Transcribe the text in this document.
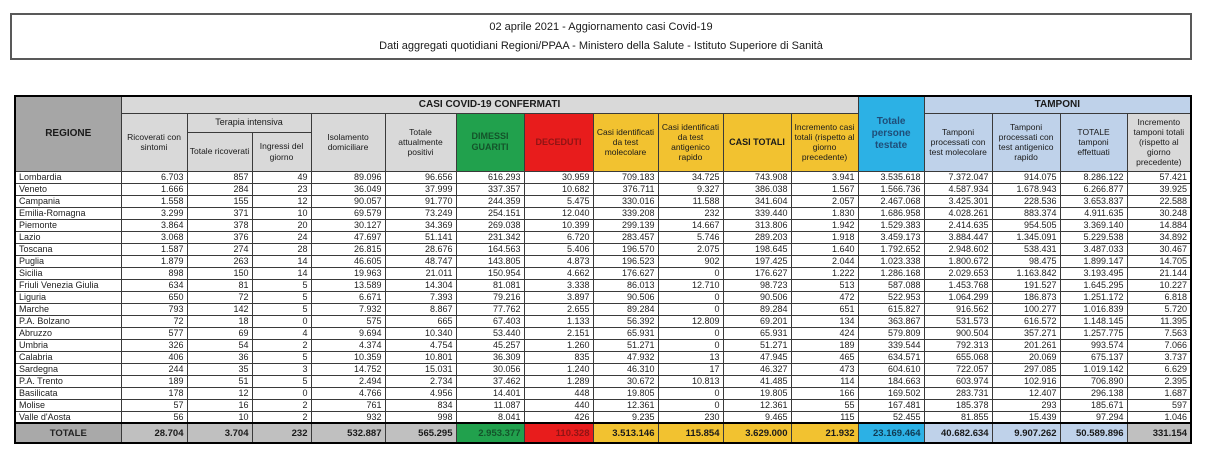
02 aprile 2021 - Aggiornamento casi Covid-19
Dati aggregati quotidiani Regioni/PPAA - Ministero della Salute - Istituto Superiore di Sanità
REGIONE	CASI COVID-19 CONFERMATI											Totale persone testate	TAMPONI			
	Ricoverati con sintomi	Terapia intensiva		Isolamento domiciliare	Totale attualmente positivi	DIMESSI GUARITI	DECEDUTI	Casi identificati da test molecolare	Casi identificati da test antigenico rapido	CASI TOTALI	Incremento casi totali (rispetto al giorno precedente)		Tamponi processati con test molecolare	Tamponi processati con test antigenico rapido	TOTALE tamponi effettuati	Incremento tamponi totali (rispetto al giorno precedente)
		Totale ricoverati	Ingressi del giorno													
Lombardia	6.703	857	49	89.096	96.656	616.293	30.959	709.183	34.725	743.908	3.941	3.535.618	7.372.047	914.075	8.286.122	57.421
Veneto	1.666	284	23	36.049	37.999	337.357	10.682	376.711	9.327	386.038	1.567	1.566.736	4.587.934	1.678.943	6.266.877	39.925
Campania	1.558	155	12	90.057	91.770	244.359	5.475	330.016	11.588	341.604	2.057	2.467.068	3.425.301	228.536	3.653.837	22.588
Emilia-Romagna	3.299	371	10	69.579	73.249	254.151	12.040	339.208	232	339.440	1.830	1.686.958	4.028.261	883.374	4.911.635	30.248
Piemonte	3.864	378	20	30.127	34.369	269.038	10.399	299.139	14.667	313.806	1.942	1.529.383	2.414.635	954.505	3.369.140	14.884
Lazio	3.068	376	24	47.697	51.141	231.342	6.720	283.457	5.746	289.203	1.918	3.459.173	3.884.447	1.345.091	5.229.538	34.892
Toscana	1.587	274	28	26.815	28.676	164.563	5.406	196.570	2.075	198.645	1.640	1.792.652	2.948.602	538.431	3.487.033	30.467
Puglia	1.879	263	14	46.605	48.747	143.805	4.873	196.523	902	197.425	2.044	1.023.338	1.800.672	98.475	1.899.147	14.705
Sicilia	898	150	14	19.963	21.011	150.954	4.662	176.627	0	176.627	1.222	1.286.168	2.029.653	1.163.842	3.193.495	21.144
Friuli Venezia Giulia	634	81	5	13.589	14.304	81.081	3.338	86.013	12.710	98.723	513	587.088	1.453.768	191.527	1.645.295	10.227
Liguria	650	72	5	6.671	7.393	79.216	3.897	90.506	0	90.506	472	522.953	1.064.299	186.873	1.251.172	6.818
Marche	793	142	5	7.932	8.867	77.762	2.655	89.284	0	89.284	651	615.827	916.562	100.277	1.016.839	5.720
P.A. Bolzano	72	18	0	575	665	67.403	1.133	56.392	12.809	69.201	134	363.867	531.573	616.572	1.148.145	11.395
Abruzzo	577	69	4	9.694	10.340	53.440	2.151	65.931	0	65.931	424	579.809	900.504	357.271	1.257.775	7.563
Umbria	326	54	2	4.374	4.754	45.257	1.260	51.271	0	51.271	189	339.544	792.313	201.261	993.574	7.066
Calabria	406	36	5	10.359	10.801	36.309	835	47.932	13	47.945	465	634.571	655.068	20.069	675.137	3.737
Sardegna	244	35	3	14.752	15.031	30.056	1.240	46.310	17	46.327	473	604.610	722.057	297.085	1.019.142	6.629
P.A. Trento	189	51	5	2.494	2.734	37.462	1.289	30.672	10.813	41.485	114	184.663	603.974	102.916	706.890	2.395
Basilicata	178	12	0	4.766	4.956	14.401	448	19.805	0	19.805	166	169.502	283.731	12.407	296.138	1.687
Molise	57	16	2	761	834	11.087	440	12.361	0	12.361	55	167.481	185.378	293	185.671	597
Valle d'Aosta	56	10	2	932	998	8.041	426	9.235	230	9.465	115	52.455	81.855	15.439	97.294	1.046
TOTALE	28.704	3.704	232	532.887	565.295	2.953.377	110.328	3.513.146	115.854	3.629.000	21.932	23.169.464	40.682.634	9.907.262	50.589.896	331.154
